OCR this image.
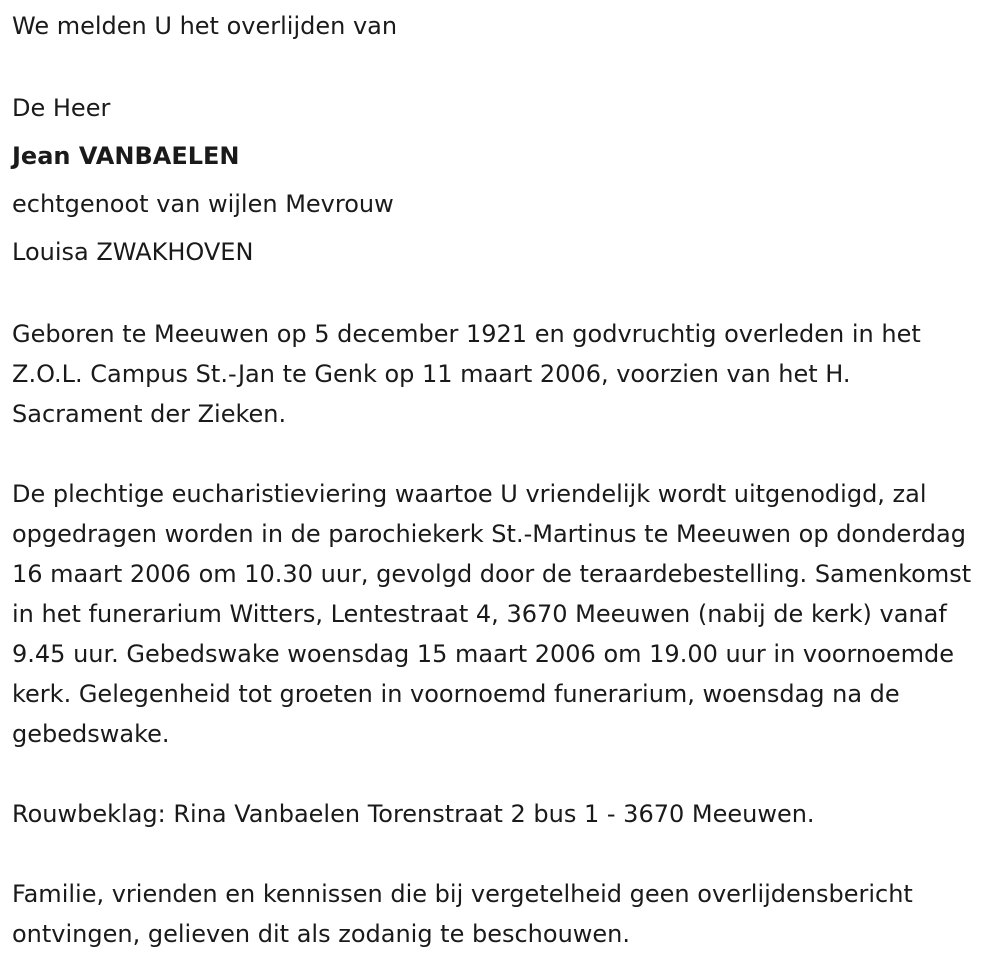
We melden U het overlijden van

De Heer

Jean VANBAELEN

echtgenoot van wijlen Mevrouw

Louisa ZWAKHOVEN

Geboren te Meeuwen op 5 december 1921 en godvruchtig overleden in het Z.O.L. Campus St.-Jan te Genk op 11 maart 2006, voorzien van het H. Sacrament der Zieken.

De plechtige eucharistieviering waartoe U vriendelijk wordt uitgenodigd, zal opgedragen worden in de parochiekerk St.-Martinus te Meeuwen op donderdag 16 maart 2006 om 10.30 uur, gevolgd door de teraardebestelling. Samenkomst in het funerarium Witters, Lentestraat 4, 3670 Meeuwen (nabij de kerk) vanaf 9.45 uur. Gebedswake woensdag 15 maart 2006 om 19.00 uur in voornoemde kerk. Gelegenheid tot groeten in voornoemd funerarium, woensdag na de gebedswake.

Rouwbeklag: Rina Vanbaelen Torenstraat 2 bus 1 - 3670 Meeuwen.

Familie, vrienden en kennissen die bij vergetelheid geen overlijdensbericht ontvingen, gelieven dit als zodanig te beschouwen.
